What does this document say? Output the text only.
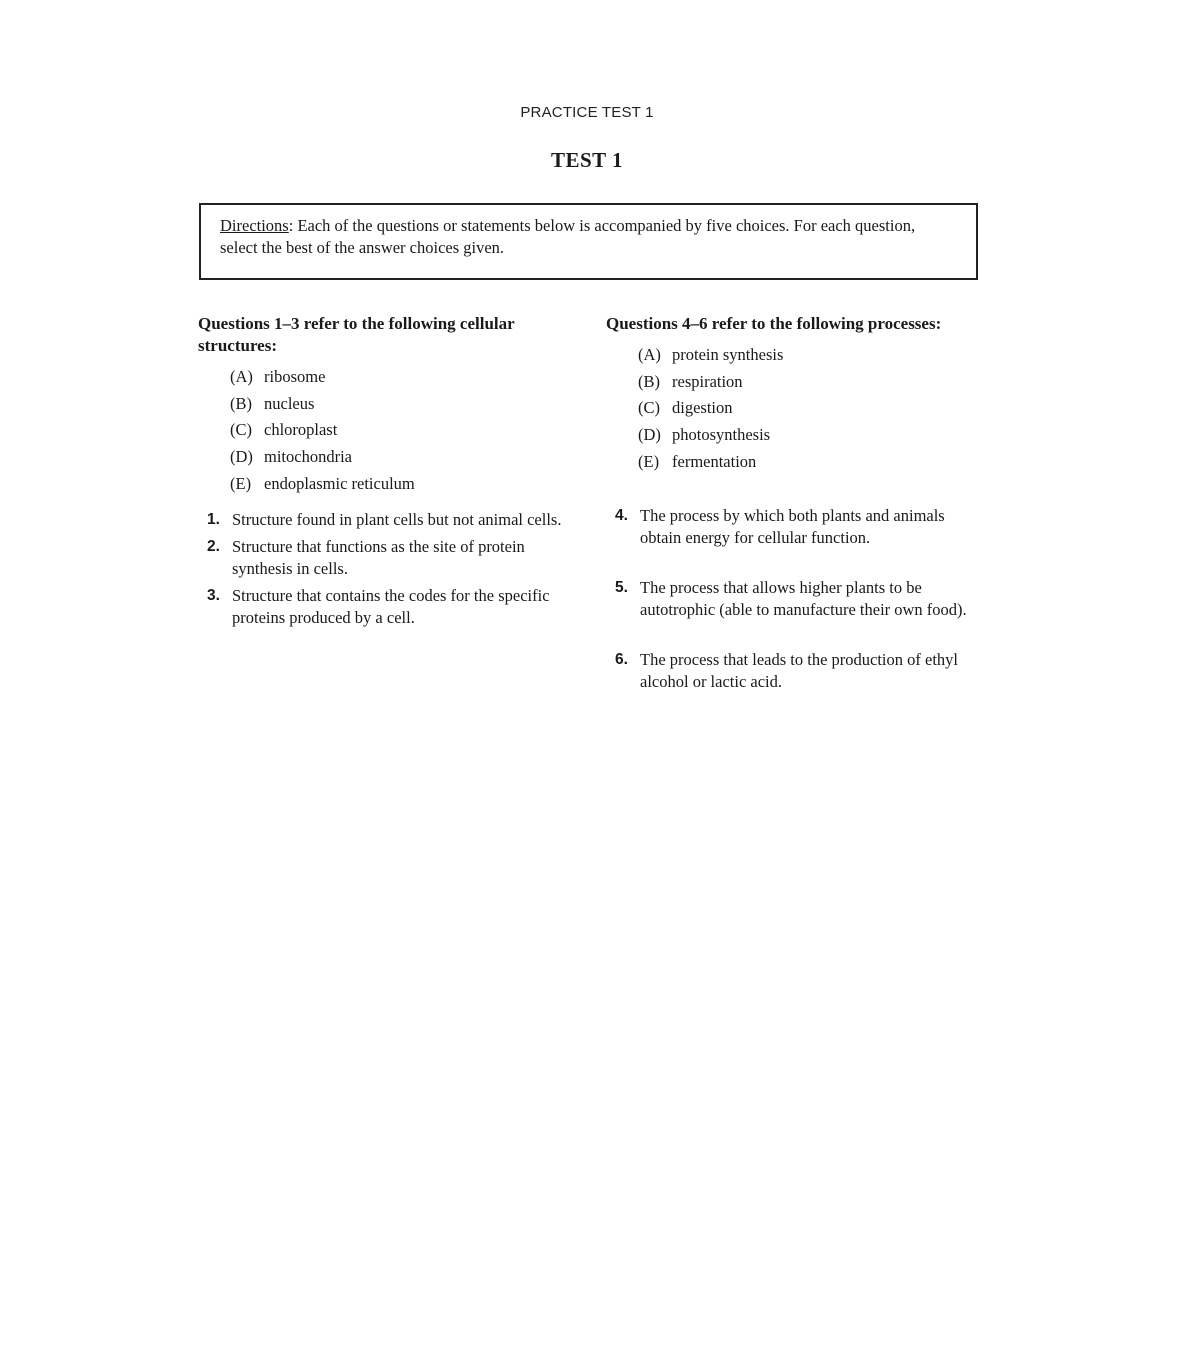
PRACTICE TEST 1
TEST 1
Directions: Each of the questions or statements below is accompanied by five choices. For each question, select the best of the answer choices given.
Questions 1–3 refer to the following cellular structures:
(A) ribosome
(B) nucleus
(C) chloroplast
(D) mitochondria
(E) endoplasmic reticulum
1. Structure found in plant cells but not animal cells.
2. Structure that functions as the site of protein synthesis in cells.
3. Structure that contains the codes for the specific proteins produced by a cell.
Questions 4–6 refer to the following processes:
(A) protein synthesis
(B) respiration
(C) digestion
(D) photosynthesis
(E) fermentation
4. The process by which both plants and animals obtain energy for cellular function.
5. The process that allows higher plants to be autotrophic (able to manufacture their own food).
6. The process that leads to the production of ethyl alcohol or lactic acid.
